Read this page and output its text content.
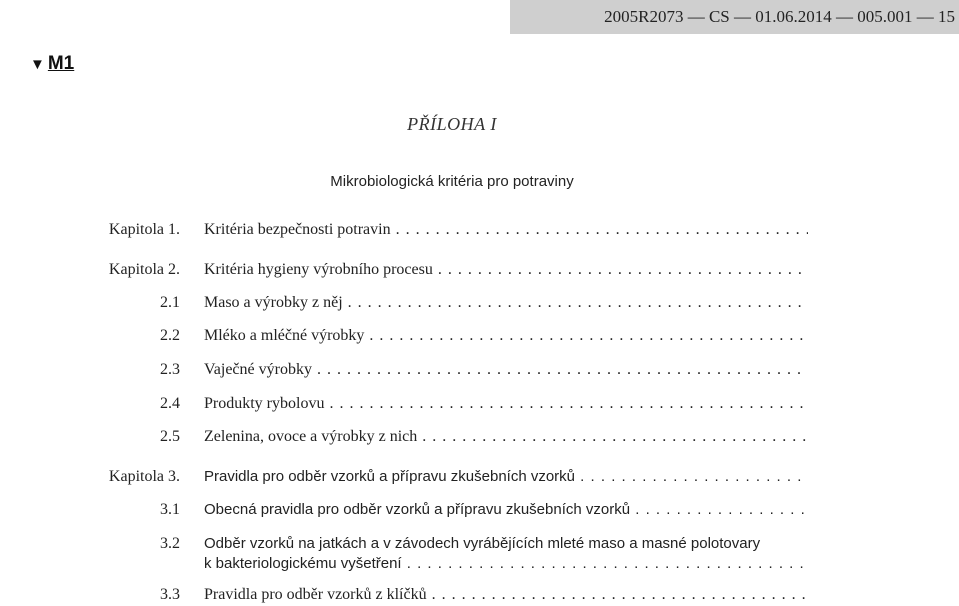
2005R2073 — CS — 01.06.2014 — 005.001 — 15
▼ M1
PŘÍLOHA I
Mikrobiologická kritéria pro potraviny
Kapitola 1. Kritéria bezpečnosti potravin . . .
Kapitola 2. Kritéria hygieny výrobního procesu . . .
2.1 Maso a výrobky z něj . . .
2.2 Mléko a mléčné výrobky . . .
2.3 Vaječné výrobky . . .
2.4 Produkty rybolovu . . .
2.5 Zelenina, ovoce a výrobky z nich . . .
Kapitola 3. Pravidla pro odběr vzorků a přípravu zkušebních vzorků . . .
3.1 Obecná pravidla pro odběr vzorků a přípravu zkušebních vzorků . . .
3.2 Odběr vzorků na jatkách a v závodech vyrábějících mleté maso a masné polotovary
k bakteriologickému vyšetření . . .
3.3 Pravidla pro odběr vzorků z klíčků . . .
